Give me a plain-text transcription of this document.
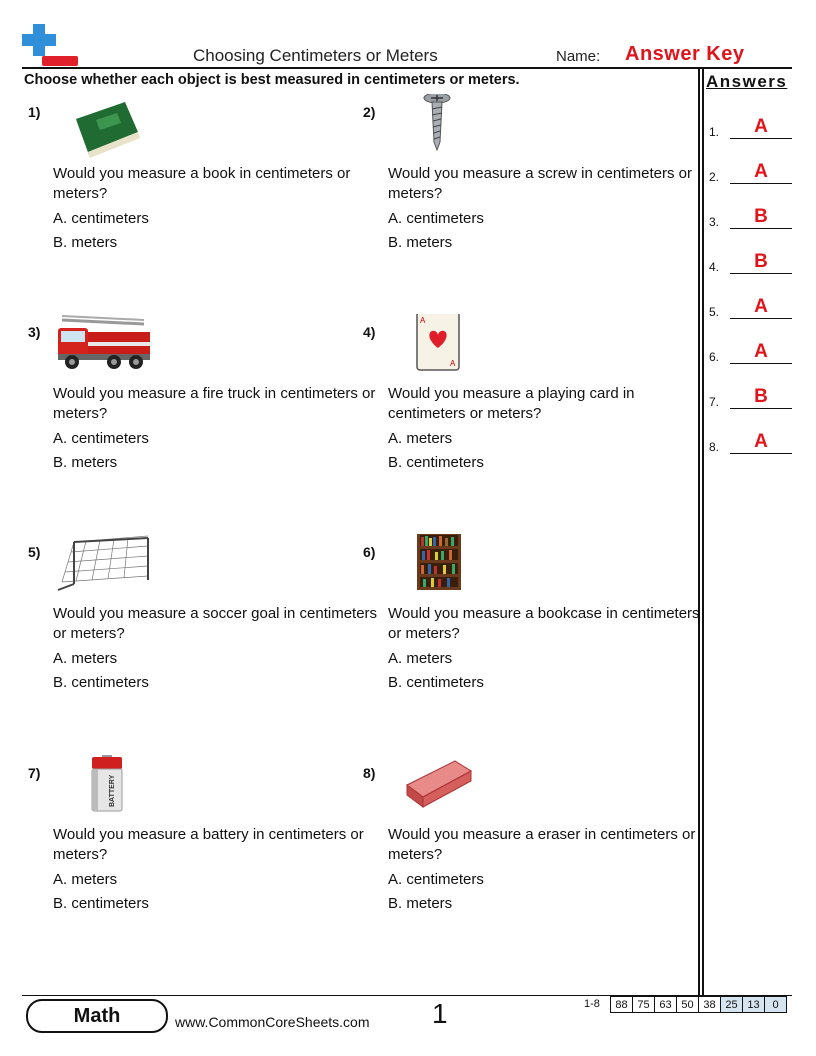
Choosing Centimeters or Meters	Name: Answer Key
Choose whether each object is best measured in centimeters or meters.	Answers
1.	A
2.	A
3.	B
4.	B
5.	A
6.	A
7.	B
8.	A
1)
Would you measure a book in centimeters or meters?
A. centimeters
B. meters
2)
Would you measure a screw in centimeters or meters?
A. centimeters
B. meters
3)
Would you measure a fire truck in centimeters or meters?
A. centimeters
B. meters
4)
A
A
Would you measure a playing card in centimeters or meters?
A. meters
B. centimeters
5)
Would you measure a soccer goal in centimeters or meters?
A. meters
B. centimeters
6)
Would you measure a bookcase in centimeters or meters?
A. meters
B. centimeters
7)
BATTERY
Would you measure a battery in centimeters or meters?
A. meters
B. centimeters
8)
Would you measure a eraser in centimeters or meters?
A. centimeters
B. meters
Math	www.CommonCoreSheets.com 1	1-8 88	75	63	50	38	25	13	0
